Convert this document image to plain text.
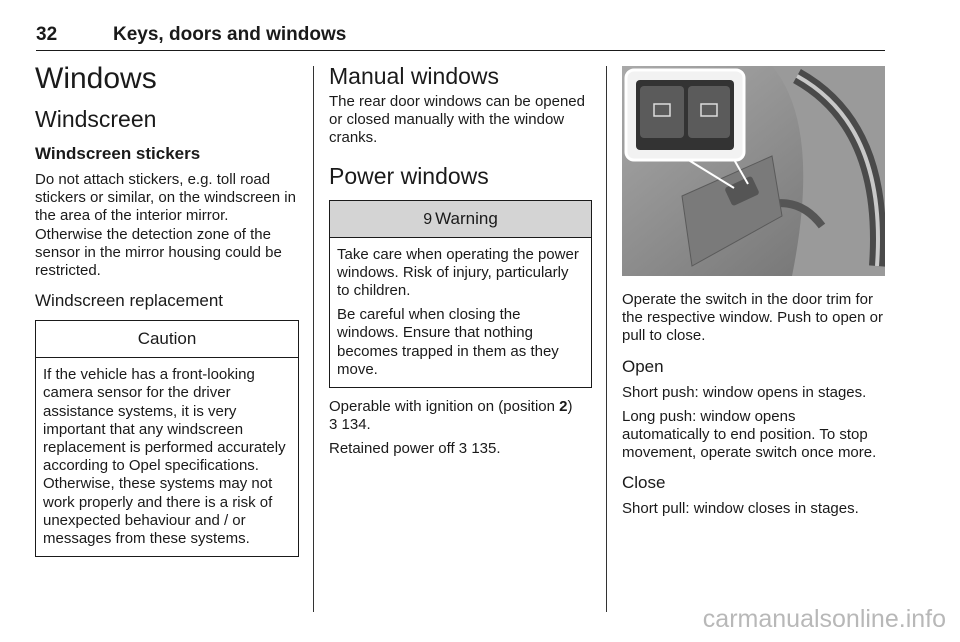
32	Keys, doors and windows
Windows
Windscreen
Windscreen stickers

Do not attach stickers, e.g. toll road stickers or similar, on the windscreen in the area of the interior mirror. Otherwise the detection zone of the sensor in the mirror housing could be restricted.

Windscreen replacement
Caution

If the vehicle has a front-looking camera sensor for the driver assistance systems, it is very important that any windscreen replacement is performed accurately according to Opel specifications. Otherwise, these systems may not work properly and there is a risk of unexpected behaviour and / or messages from these systems.

Manual windows

The rear door windows can be opened or closed manually with the window cranks.

Power windows
9 Warning

Take care when operating the power windows. Risk of injury, particularly to children.

Be careful when closing the windows. Ensure that nothing becomes trapped in them as they move.

Operable with ignition on (position 2)
3 134.

Retained power off 3 135.

Operate the switch in the door trim for the respective window. Push to open or pull to close.

Open

Short push: window opens in stages.

Long push: window opens automatically to end position. To stop movement, operate switch once more.

Close

Short pull: window closes in stages.

carmanualsonline.info
